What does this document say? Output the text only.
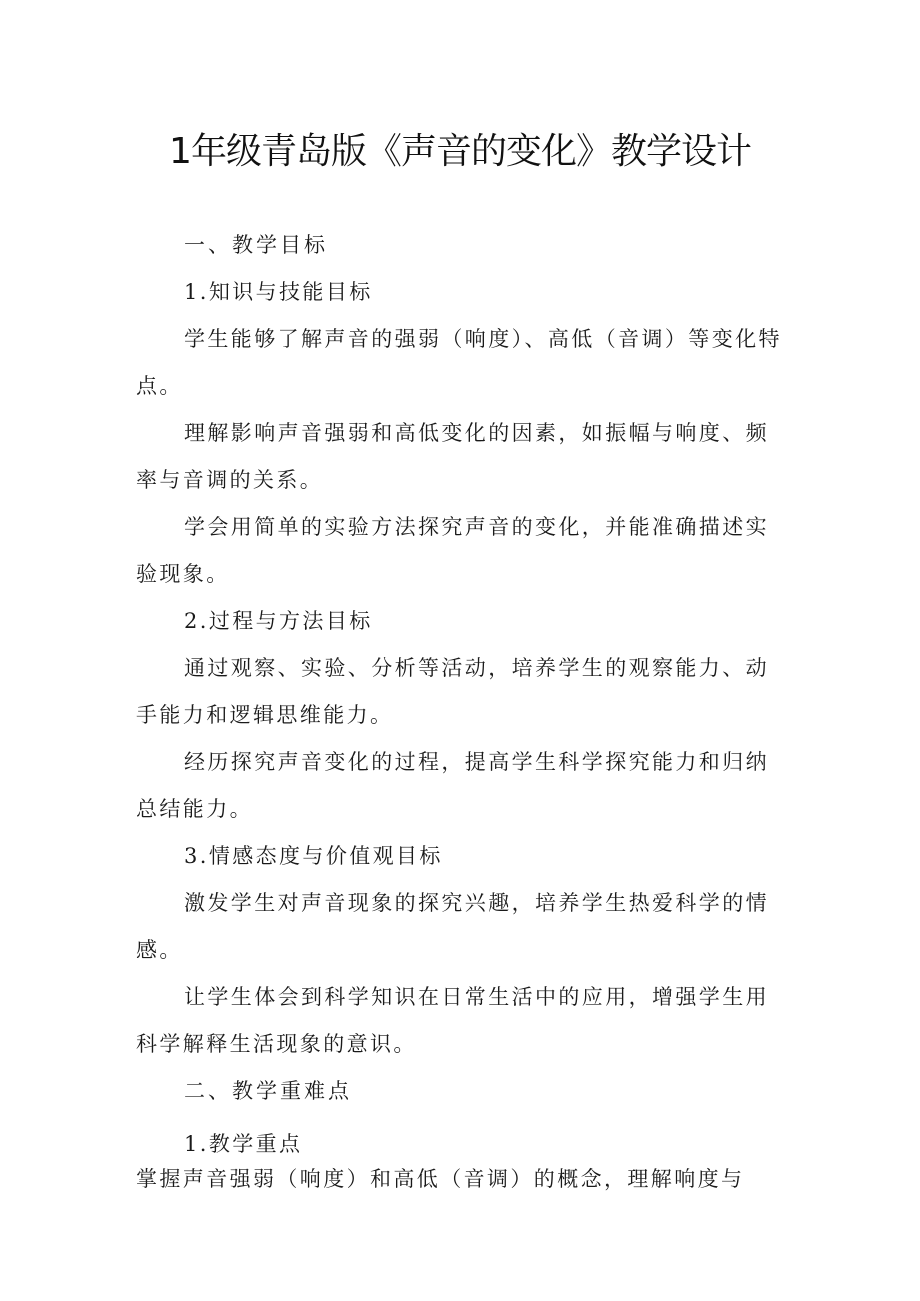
1年级青岛版《声音的变化》教学设计

一、教学目标

1.知识与技能目标

学生能够了解声音的强弱（响度）、高低（音调）等变化特点。

理解影响声音强弱和高低变化的因素，如振幅与响度、频率与音调的关系。

学会用简单的实验方法探究声音的变化，并能准确描述实验现象。

2.过程与方法目标

通过观察、实验、分析等活动，培养学生的观察能力、动手能力和逻辑思维能力。

经历探究声音变化的过程，提高学生科学探究能力和归纳总结能力。

3.情感态度与价值观目标

激发学生对声音现象的探究兴趣，培养学生热爱科学的情感。

让学生体会到科学知识在日常生活中的应用，增强学生用科学解释生活现象的意识。

二、教学重难点

1.教学重点

掌握声音强弱（响度）和高低（音调）的概念，理解响度与
